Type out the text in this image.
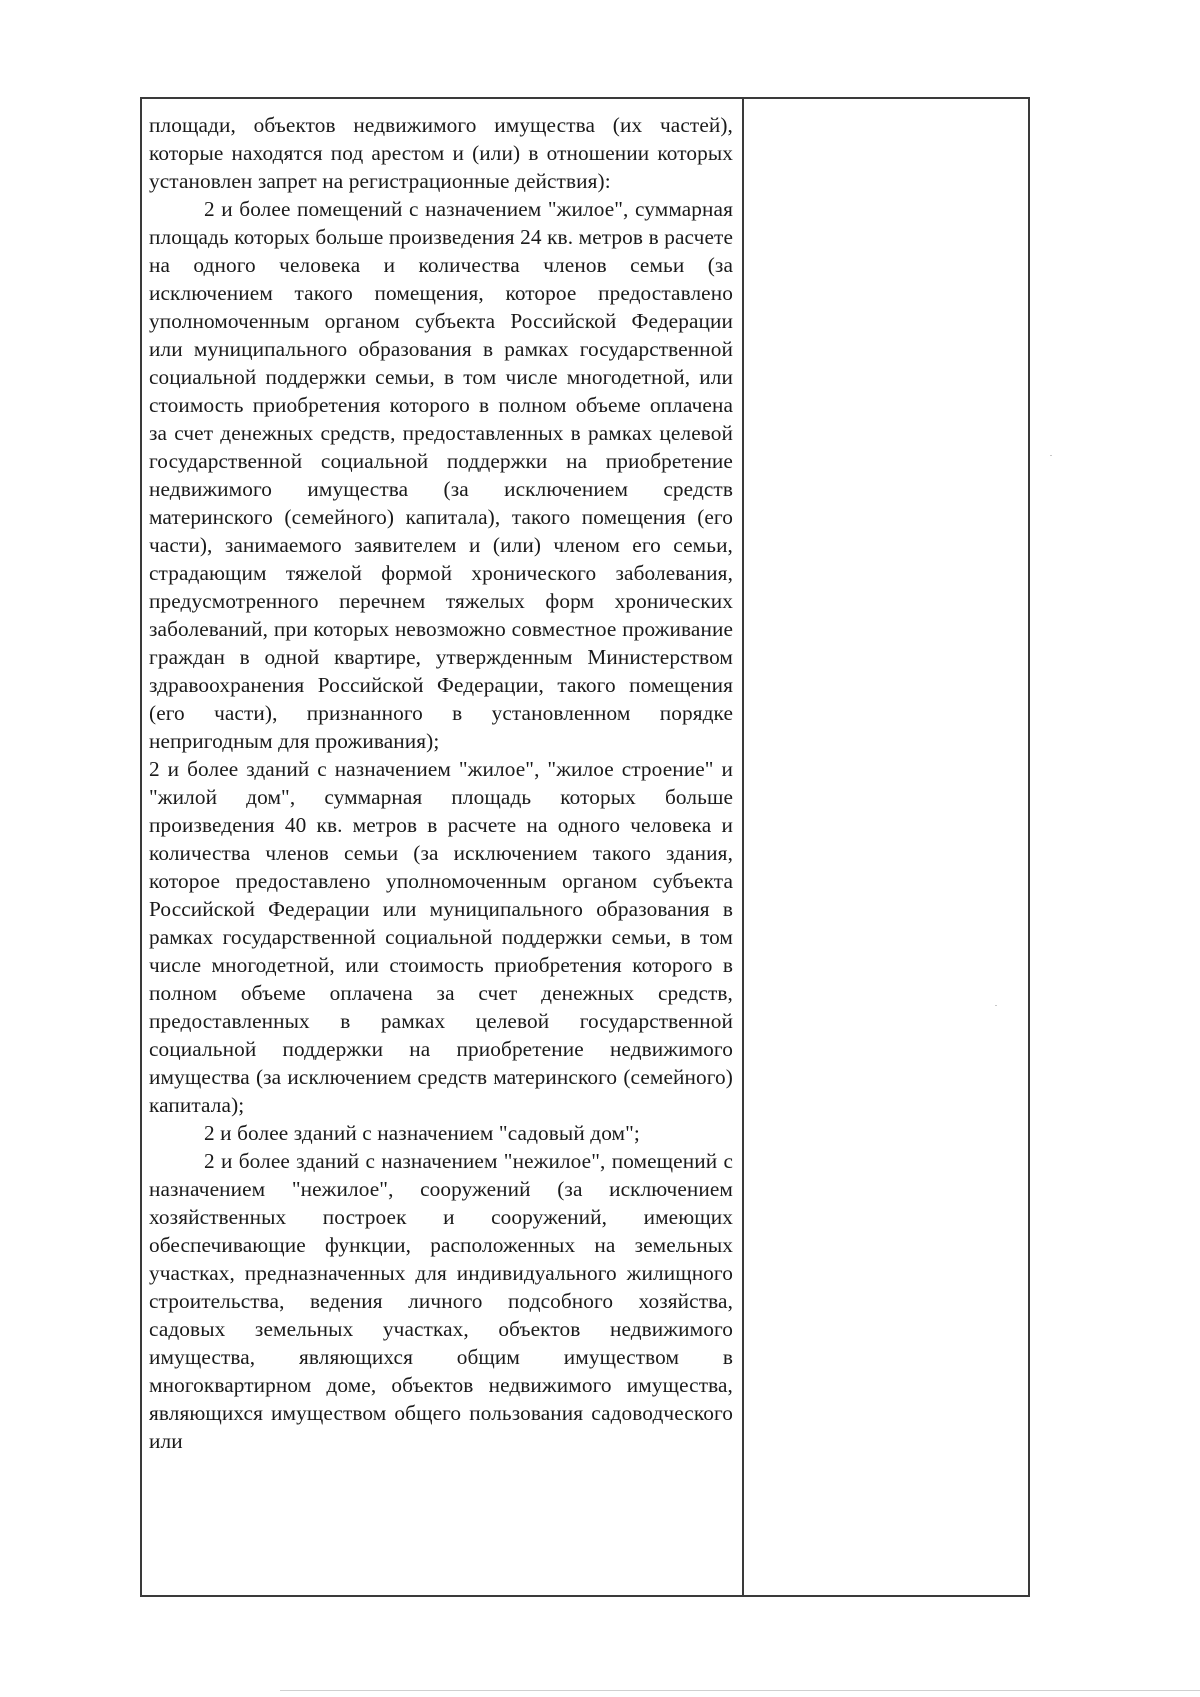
площади, объектов недвижимого имущества (их частей), которые находятся под арестом и (или) в отношении которых установлен запрет на регистрационные действия):

2 и более помещений с назначением "жилое", суммарная площадь которых больше произведения 24 кв. метров в расчете на одного человека и количества членов семьи (за исключением такого помещения, которое предоставлено уполномоченным органом субъекта Российской Федерации или муниципального образования в рамках государственной социальной поддержки семьи, в том числе многодетной, или стоимость приобретения которого в полном объеме оплачена за счет денежных средств, предоставленных в рамках целевой государственной социальной поддержки на приобретение недвижимого имущества (за исключением средств материнского (семейного) капитала), такого помещения (его части), занимаемого заявителем и (или) членом его семьи, страдающим тяжелой формой хронического заболевания, предусмотренного перечнем тяжелых форм хронических заболеваний, при которых невозможно совместное проживание граждан в одной квартире, утвержденным Министерством здравоохранения Российской Федерации, такого помещения (его части), признанного в установленном порядке непригодным для проживания);

2 и более зданий с назначением "жилое", "жилое строение" и "жилой дом", суммарная площадь которых больше произведения 40 кв. метров в расчете на одного человека и количества членов семьи (за исключением такого здания, которое предоставлено уполномоченным органом субъекта Российской Федерации или муниципального образования в рамках государственной социальной поддержки семьи, в том числе многодетной, или стоимость приобретения которого в полном объеме оплачена за счет денежных средств, предоставленных в рамках целевой государственной социальной поддержки на приобретение недвижимого имущества (за исключением средств материнского (семейного) капитала);

2 и более зданий с назначением "садовый дом";

2 и более зданий с назначением "нежилое", помещений с назначением "нежилое", сооружений (за исключением хозяйственных построек и сооружений, имеющих обеспечивающие функции, расположенных на земельных участках, предназначенных для индивидуального жилищного строительства, ведения личного подсобного хозяйства, садовых земельных участках, объектов недвижимого имущества, являющихся общим имуществом в многоквартирном доме, объектов недвижимого имущества, являющихся имуществом общего пользования садоводческого или
